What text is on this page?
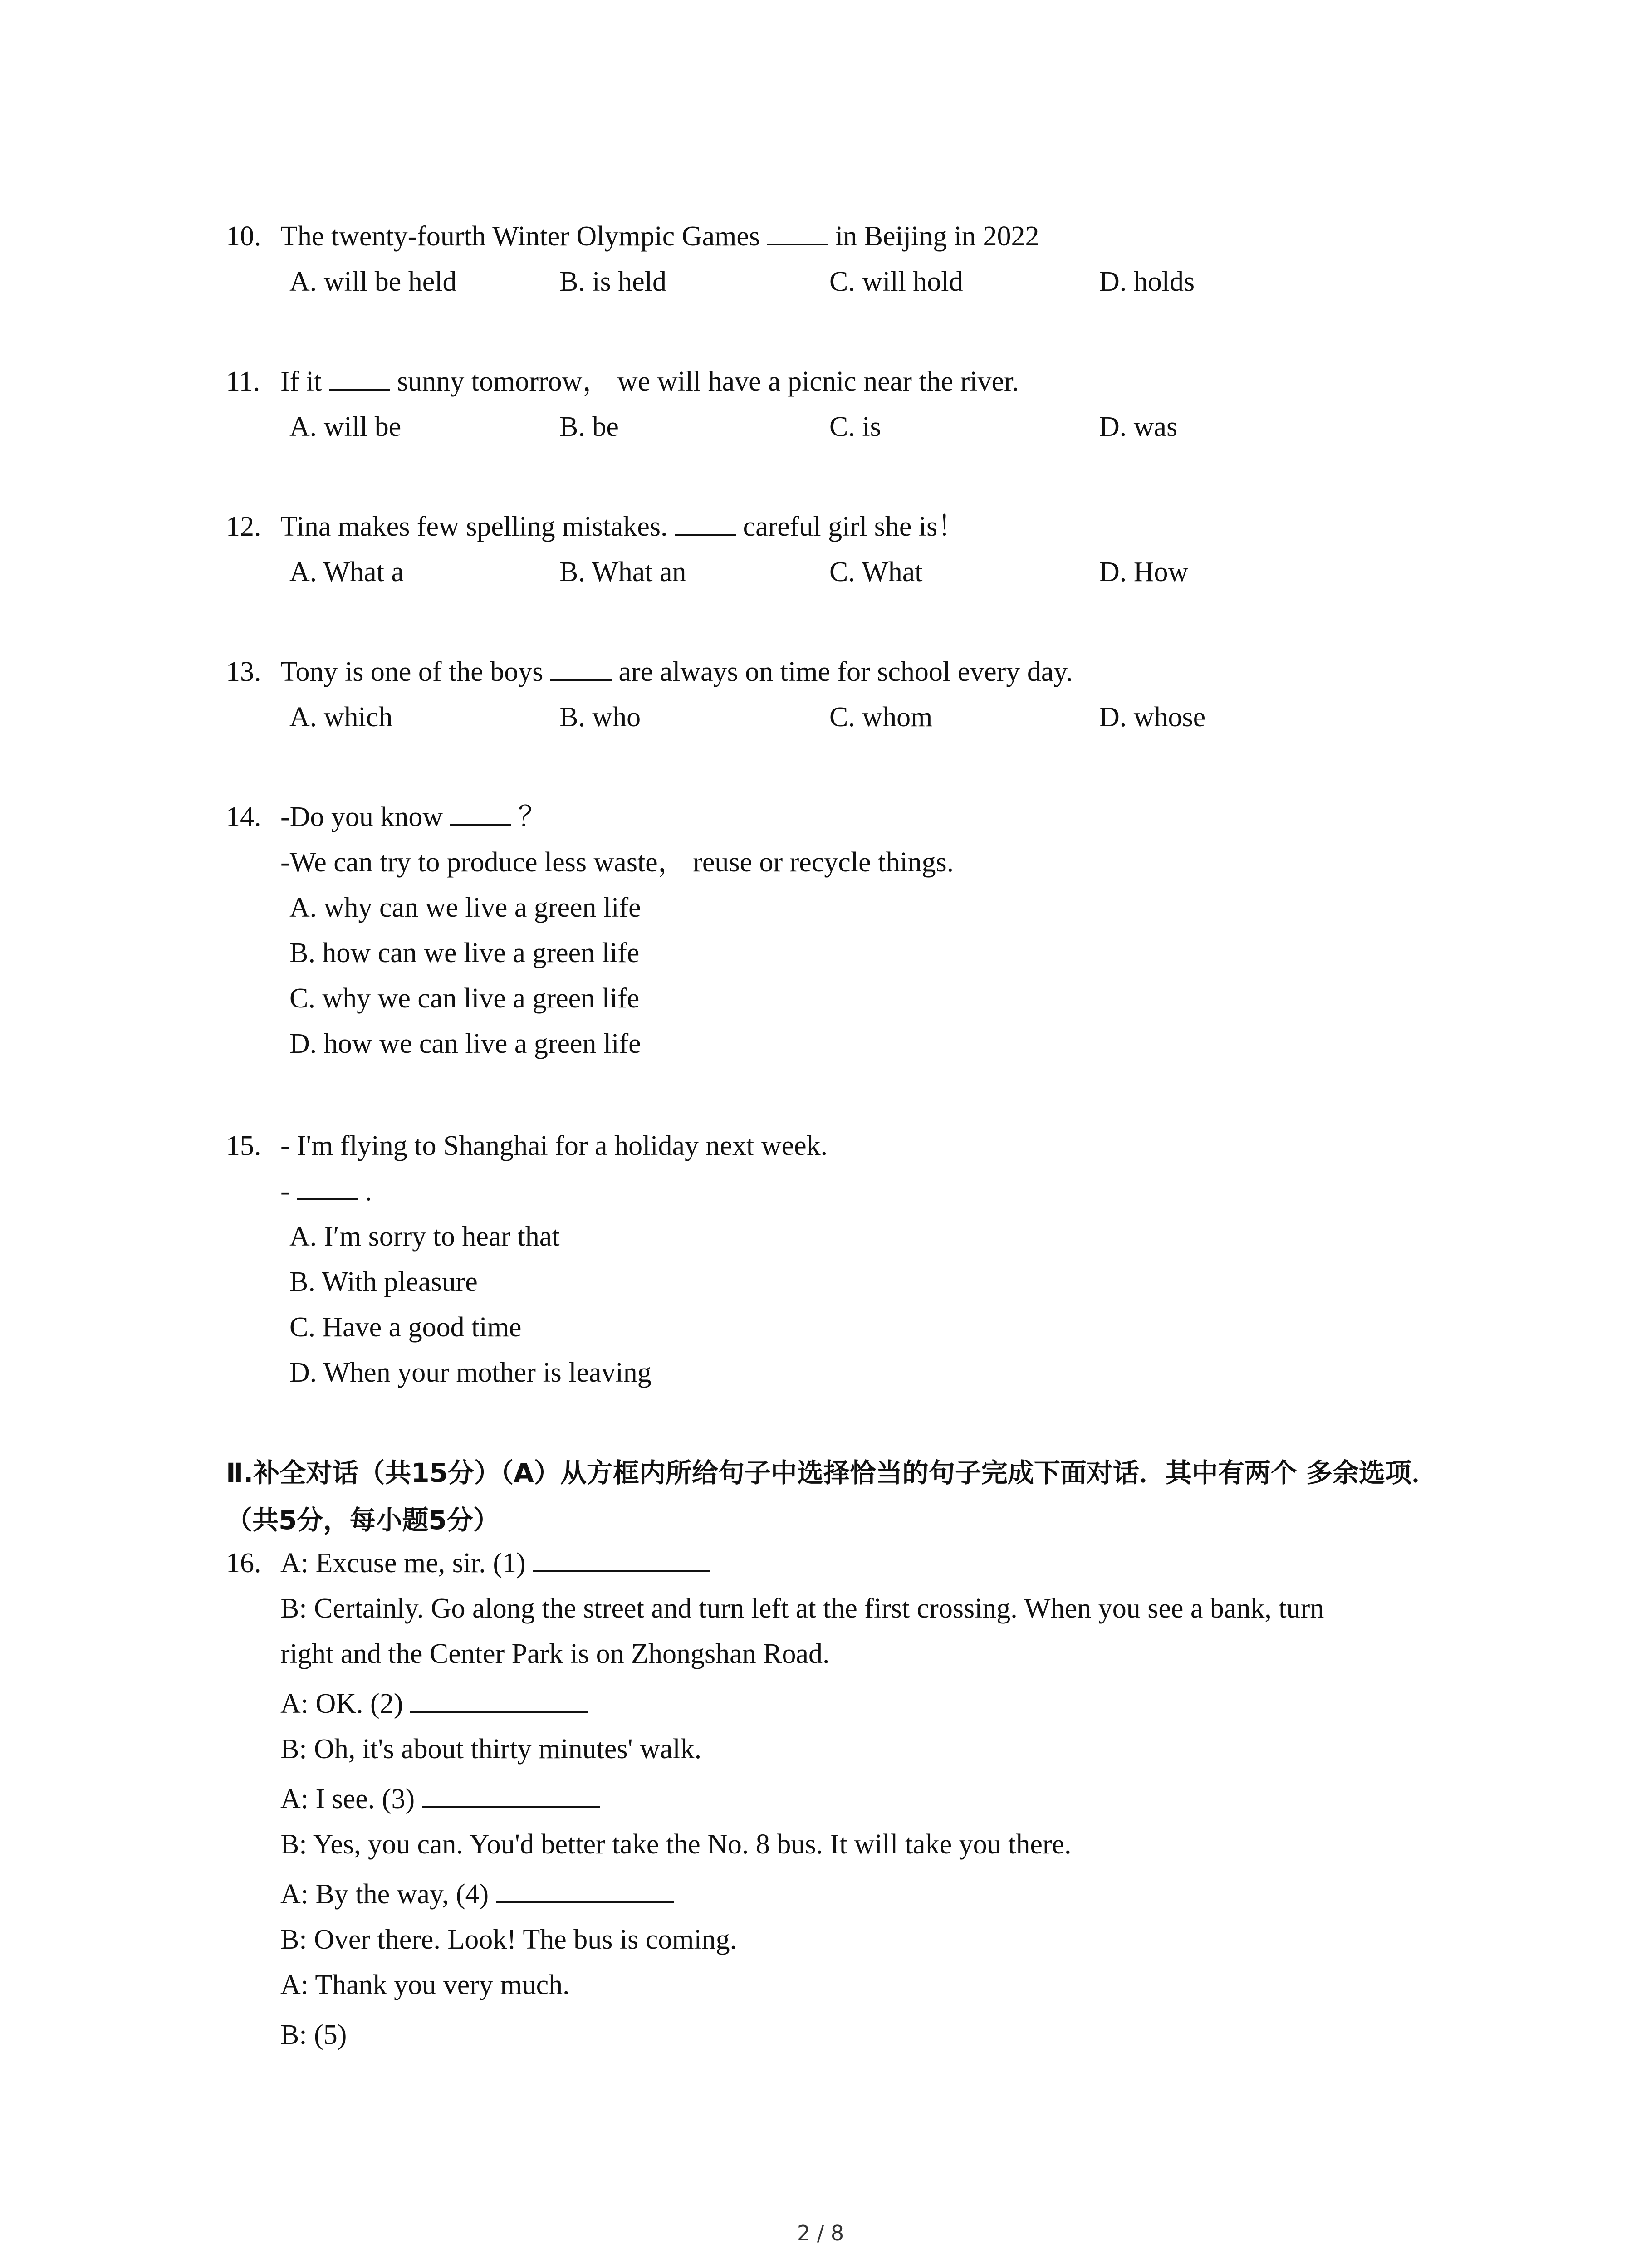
10. The twenty-fourth Winter Olympic Games	in Beijing in 2022
A. will be held	B. is held	C. will hold	D. holds
11. If it	sunny tomorrow， we will have a picnic near the river.
A. will be	B. be	C. is	D. was
12. Tina makes few spelling mistakes.	careful girl she is！
A. What a	B. What an	C. What	D. How
13. Tony is one of the boys	are always on time for school every day.
A. which	B. who	C. whom	D. whose
14. -Do you know	？
-We can try to produce less waste， reuse or recycle things.
A. why can we live a green life
B. how can we live a green life
C. why we can live a green life
D. how we can live a green life
15. - I'm flying to Shanghai for a holiday next week.
-	.
A. I′m sorry to hear that
B. With pleasure
C. Have a good time
D. When your mother is leaving
Ⅱ.补全对话（共15分）（A）从方框内所给句子中选择恰当的句子完成下面对话．其中有两个 多余选项．（共5分，每小题5分）
16. A: Excuse me, sir. (1)
B: Certainly. Go along the street and turn left at the first crossing. When you see a bank, turn
right and the Center Park is on Zhongshan Road.
A: OK. (2)
B: Oh, it's about thirty minutes' walk.
A: I see. (3)
B: Yes, you can. You'd better take the No. 8 bus. It will take you there.
A: By the way, (4)
B: Over there. Look! The bus is coming.
A: Thank you very much.
B: (5)
2 / 8
